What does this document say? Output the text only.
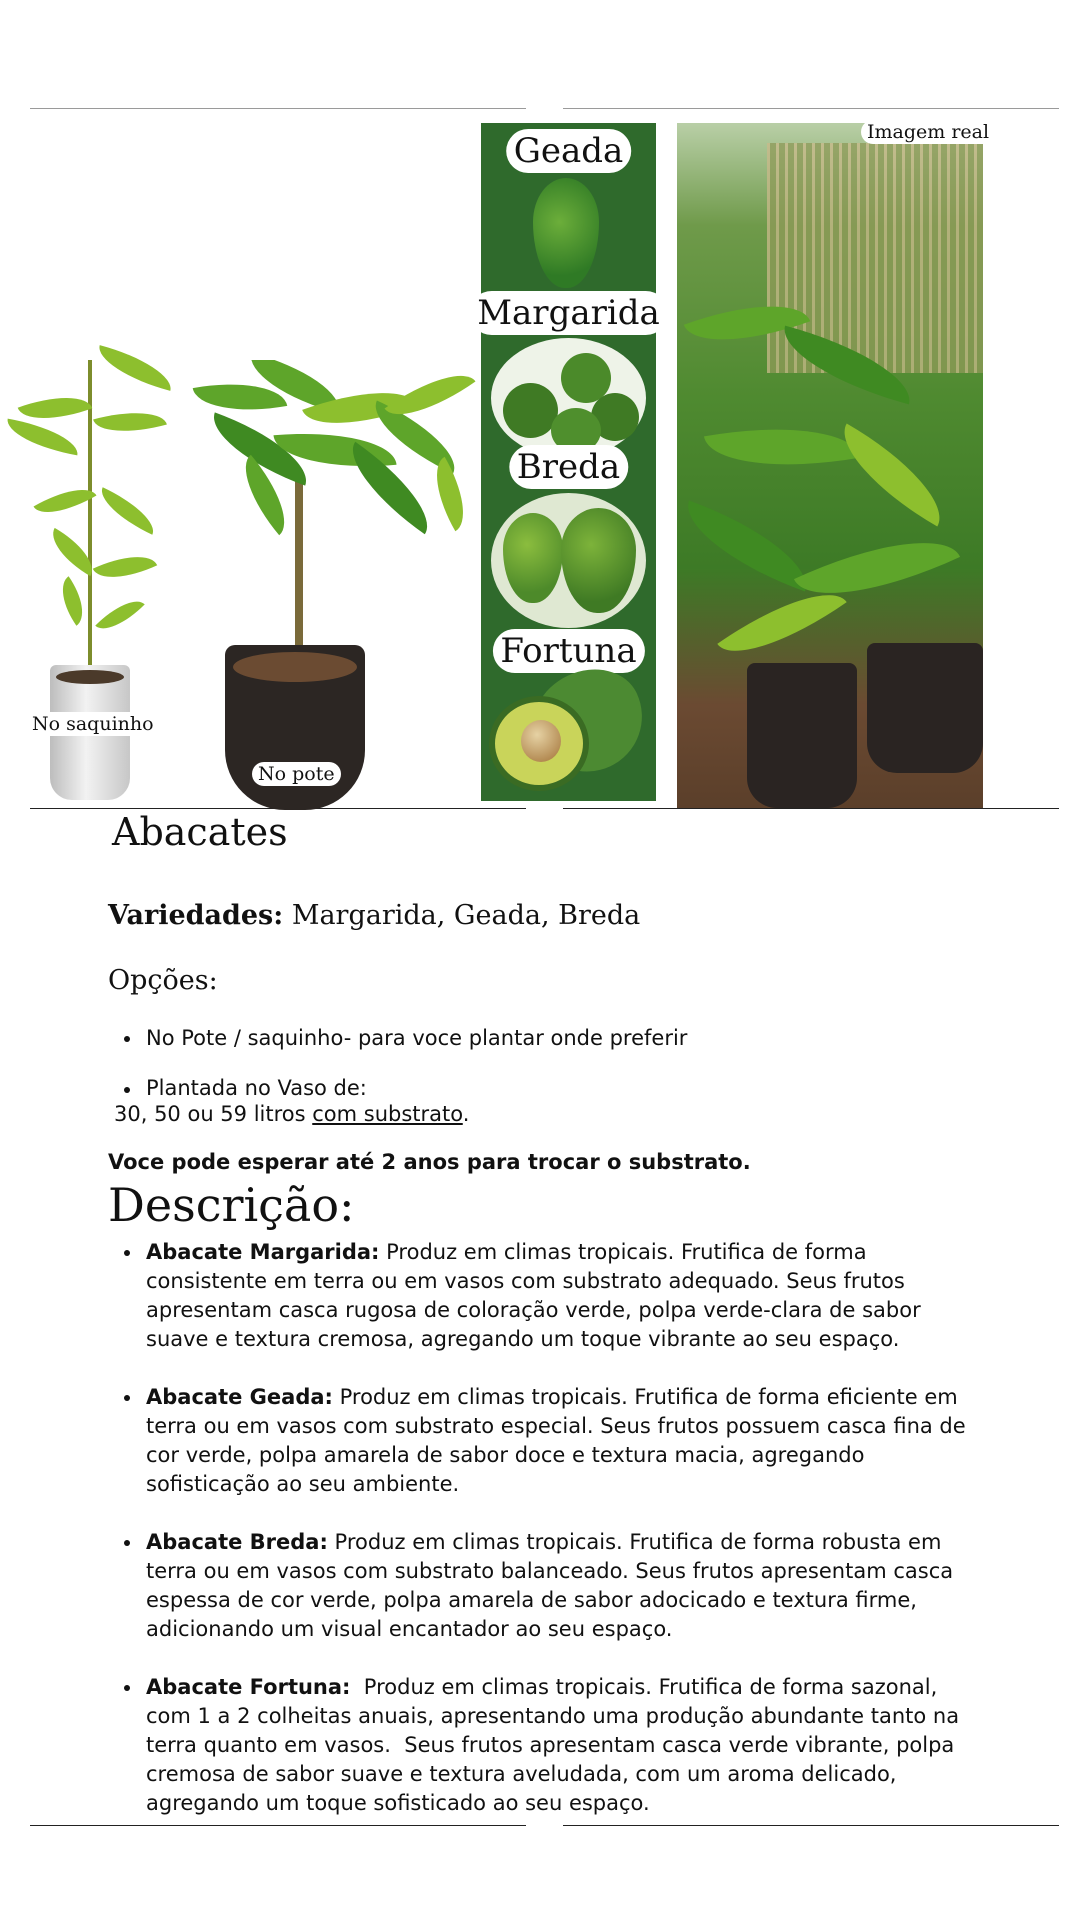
No saquinho
No pote
Geada
Margarida
Breda
Fortuna
Imagem real
Abacates

Variedades: Margarida, Geada, Breda

Opções:
No Pote / saquinho- para voce plantar onde preferir
Plantada no Vaso de:
30, 50 ou 59 litros com substrato.

Voce pode esperar até 2 anos para trocar o substrato.

Descrição:
Abacate Margarida: Produz em climas tropicais. Frutifica de forma consistente em terra ou em vasos com substrato adequado. Seus frutos apresentam casca rugosa de coloração verde, polpa verde-clara de sabor suave e textura cremosa, agregando um toque vibrante ao seu espaço.
Abacate Geada: Produz em climas tropicais. Frutifica de forma eficiente em terra ou em vasos com substrato especial. Seus frutos possuem casca fina de cor verde, polpa amarela de sabor doce e textura macia, agregando sofisticação ao seu ambiente.
Abacate Breda: Produz em climas tropicais. Frutifica de forma robusta em terra ou em vasos com substrato balanceado. Seus frutos apresentam casca espessa de cor verde, polpa amarela de sabor adocicado e textura firme, adicionando um visual encantador ao seu espaço.
Abacate Fortuna:  Produz em climas tropicais. Frutifica de forma sazonal, com 1 a 2 colheitas anuais, apresentando uma produção abundante tanto na terra quanto em vasos.  Seus frutos apresentam casca verde vibrante, polpa cremosa de sabor suave e textura aveludada, com um aroma delicado, agregando um toque sofisticado ao seu espaço.
